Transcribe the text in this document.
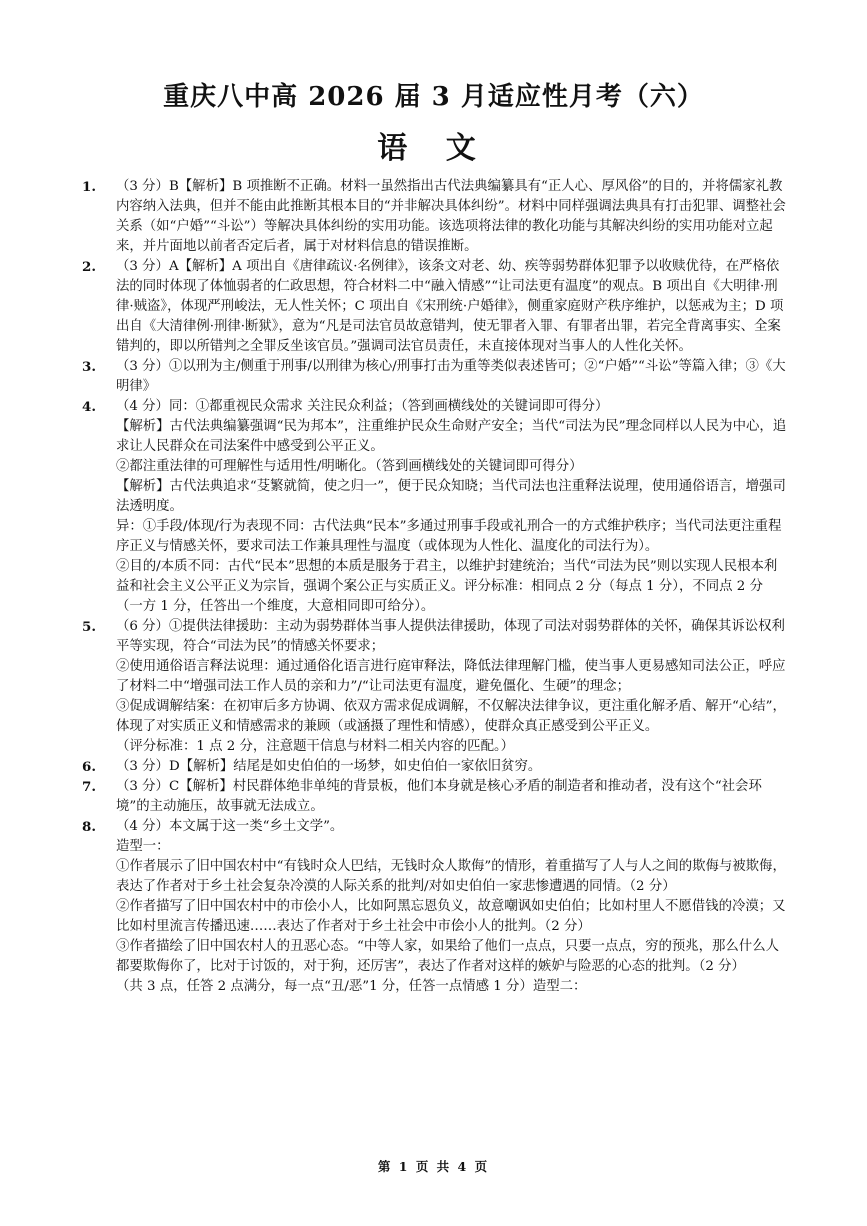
重庆八中高 2026 届 3 月适应性月考（六）
语 文
1. （3 分）B【解析】B 项推断不正确。材料一虽然指出古代法典编纂具有“正人心、厚风俗”的目的，并将儒家礼教内容纳入法典，但并不能由此推断其根本目的“并非解决具体纠纷”。材料中同样强调法典具有打击犯罪、调整社会关系（如“户婚”“斗讼”）等解决具体纠纷的实用功能。该选项将法律的教化功能与其解决纠纷的实用功能对立起来，并片面地以前者否定后者，属于对材料信息的错误推断。

2. （3 分）A【解析】A 项出自《唐律疏议·名例律》，该条文对老、幼、疾等弱势群体犯罪予以收赎优待，在严格依法的同时体现了体恤弱者的仁政思想，符合材料二中“融入情感”“让司法更有温度”的观点。B 项出自《大明律·刑律·贼盗》，体现严刑峻法，无人性关怀；C 项出自《宋刑统·户婚律》，侧重家庭财产秩序维护，以惩戒为主；D 项出自《大清律例·刑律·断狱》，意为“凡是司法官员故意错判，使无罪者入罪、有罪者出罪，若完全背离事实、全案错判的，即以所错判之全罪反坐该官员。”强调司法官员责任，未直接体现对当事人的人性化关怀。

3. （3 分）①以刑为主/侧重于刑事/以刑律为核心/刑事打击为重等类似表述皆可；②“户婚”“斗讼”等篇入律；③《大明律》

4. （4 分）同：①都重视民众需求 关注民众利益；（答到画横线处的关键词即可得分）

【解析】古代法典编纂强调“民为邦本”，注重维护民众生命财产安全；当代“司法为民”理念同样以人民为中心，追求让人民群众在司法案件中感受到公平正义。

②都注重法律的可理解性与适用性/明晰化。（答到画横线处的关键词即可得分）

【解析】古代法典追求“芟繁就简，使之归一”，便于民众知晓；当代司法也注重释法说理，使用通俗语言，增强司法透明度。

异：①手段/体现/行为表现不同：古代法典“民本”多通过刑事手段或礼刑合一的方式维护秩序；当代司法更注重程序正义与情感关怀，要求司法工作兼具理性与温度（或体现为人性化、温度化的司法行为）。

②目的/本质不同：古代“民本”思想的本质是服务于君主，以维护封建统治；当代“司法为民”则以实现人民根本利益和社会主义公平正义为宗旨，强调个案公正与实质正义。评分标准：相同点 2 分（每点 1 分），不同点 2 分（一方 1 分，任答出一个维度，大意相同即可给分）。

5. （6 分）①提供法律援助：主动为弱势群体当事人提供法律援助，体现了司法对弱势群体的关怀，确保其诉讼权利平等实现，符合“司法为民”的情感关怀要求；

②使用通俗语言释法说理：通过通俗化语言进行庭审释法，降低法律理解门槛，使当事人更易感知司法公正，呼应了材料二中“增强司法工作人员的亲和力”/“让司法更有温度，避免僵化、生硬”的理念；

③促成调解结案：在初审后多方协调、依双方需求促成调解，不仅解决法律争议，更注重化解矛盾、解开“心结”，体现了对实质正义和情感需求的兼顾（或涵摄了理性和情感），使群众真正感受到公平正义。

（评分标准：1 点 2 分，注意题干信息与材料二相关内容的匹配。）

6. （3 分）D【解析】结尾是如史伯伯的一场梦，如史伯伯一家依旧贫穷。

7. （3 分）C【解析】村民群体绝非单纯的背景板，他们本身就是核心矛盾的制造者和推动者，没有这个“社会环境”的主动施压，故事就无法成立。

8. （4 分）本文属于这一类“乡土文学”。

造型一：

①作者展示了旧中国农村中“有钱时众人巴结，无钱时众人欺侮”的情形，着重描写了人与人之间的欺侮与被欺侮，表达了作者对于乡土社会复杂冷漠的人际关系的批判/对如史伯伯一家悲惨遭遇的同情。（2 分）

②作者描写了旧中国农村中的市侩小人，比如阿黑忘恩负义，故意嘲讽如史伯伯；比如村里人不愿借钱的冷漠；又比如村里流言传播迅速……表达了作者对于乡土社会中市侩小人的批判。（2 分）

③作者描绘了旧中国农村人的丑恶心态。“中等人家，如果给了他们一点点，只要一点点，穷的预兆，那么什么人都要欺侮你了，比对于讨饭的，对于狗，还厉害”，表达了作者对这样的嫉妒与险恶的心态的批判。（2 分）

（共 3 点，任答 2 点满分，每一点“丑/恶”1 分，任答一点情感 1 分）造型二：

第 1 页 共 4 页
